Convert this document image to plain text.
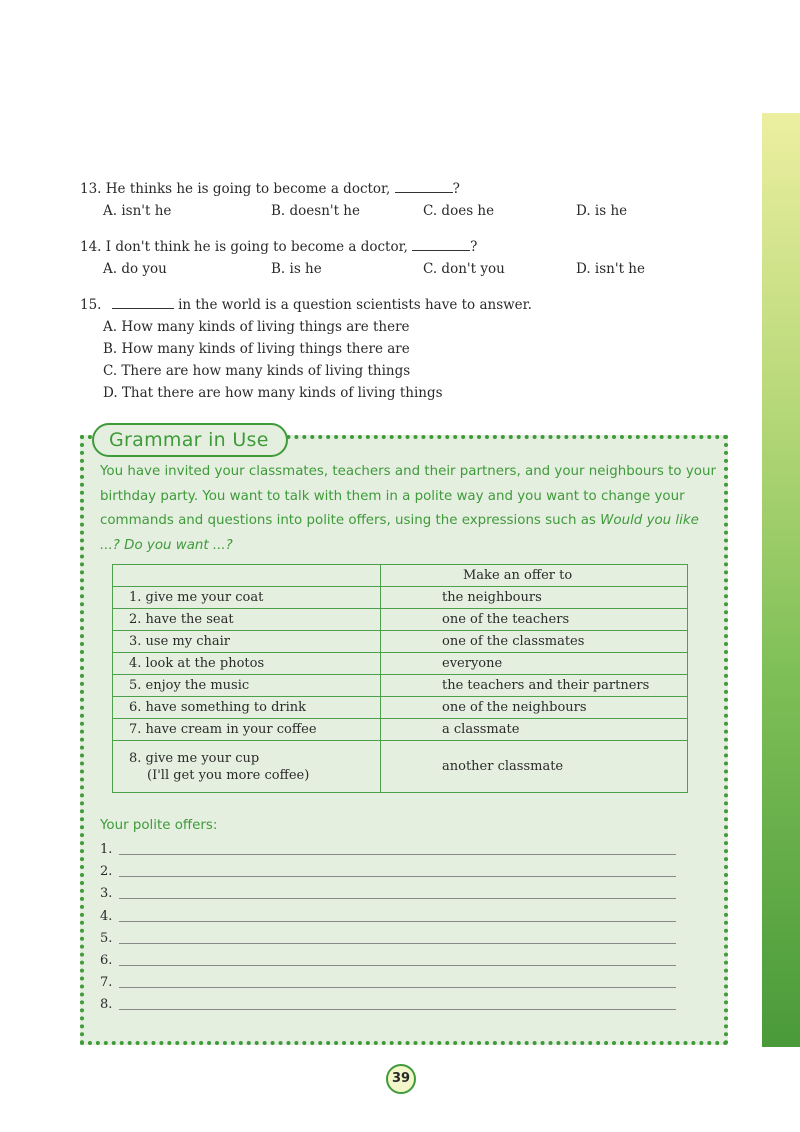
13. He thinks he is going to become a doctor,	?
A. isn't he	B. doesn't he	C. does he	D. is he
14. I don't think he is going to become a doctor,	?
A. do you	B. is he	C. don't you	D. isn't he
15.	in the world is a question scientists have to answer.
A. How many kinds of living things are there
B. How many kinds of living things there are
C. There are how many kinds of living things
D. That there are how many kinds of living things
Grammar in Use
You have invited your classmates, teachers and their partners, and your neighbours to your birthday party. You want to talk with them in a polite way and you want to change your commands and questions into polite offers, using the expressions such as Would you like ...? Do you want ...?
	Make an offer to
1. give me your coat	the neighbours
2. have the seat	one of the teachers
3. use my chair	one of the classmates
4. look at the photos	everyone
5. enjoy the music	the teachers and their partners
6. have something to drink	one of the neighbours
7. have cream in your coffee	a classmate
8. give me your cup
(I'll get you more coffee)	another classmate
Your polite offers:
1.
2.
3.
4.
5.
6.
7.
8.
39
